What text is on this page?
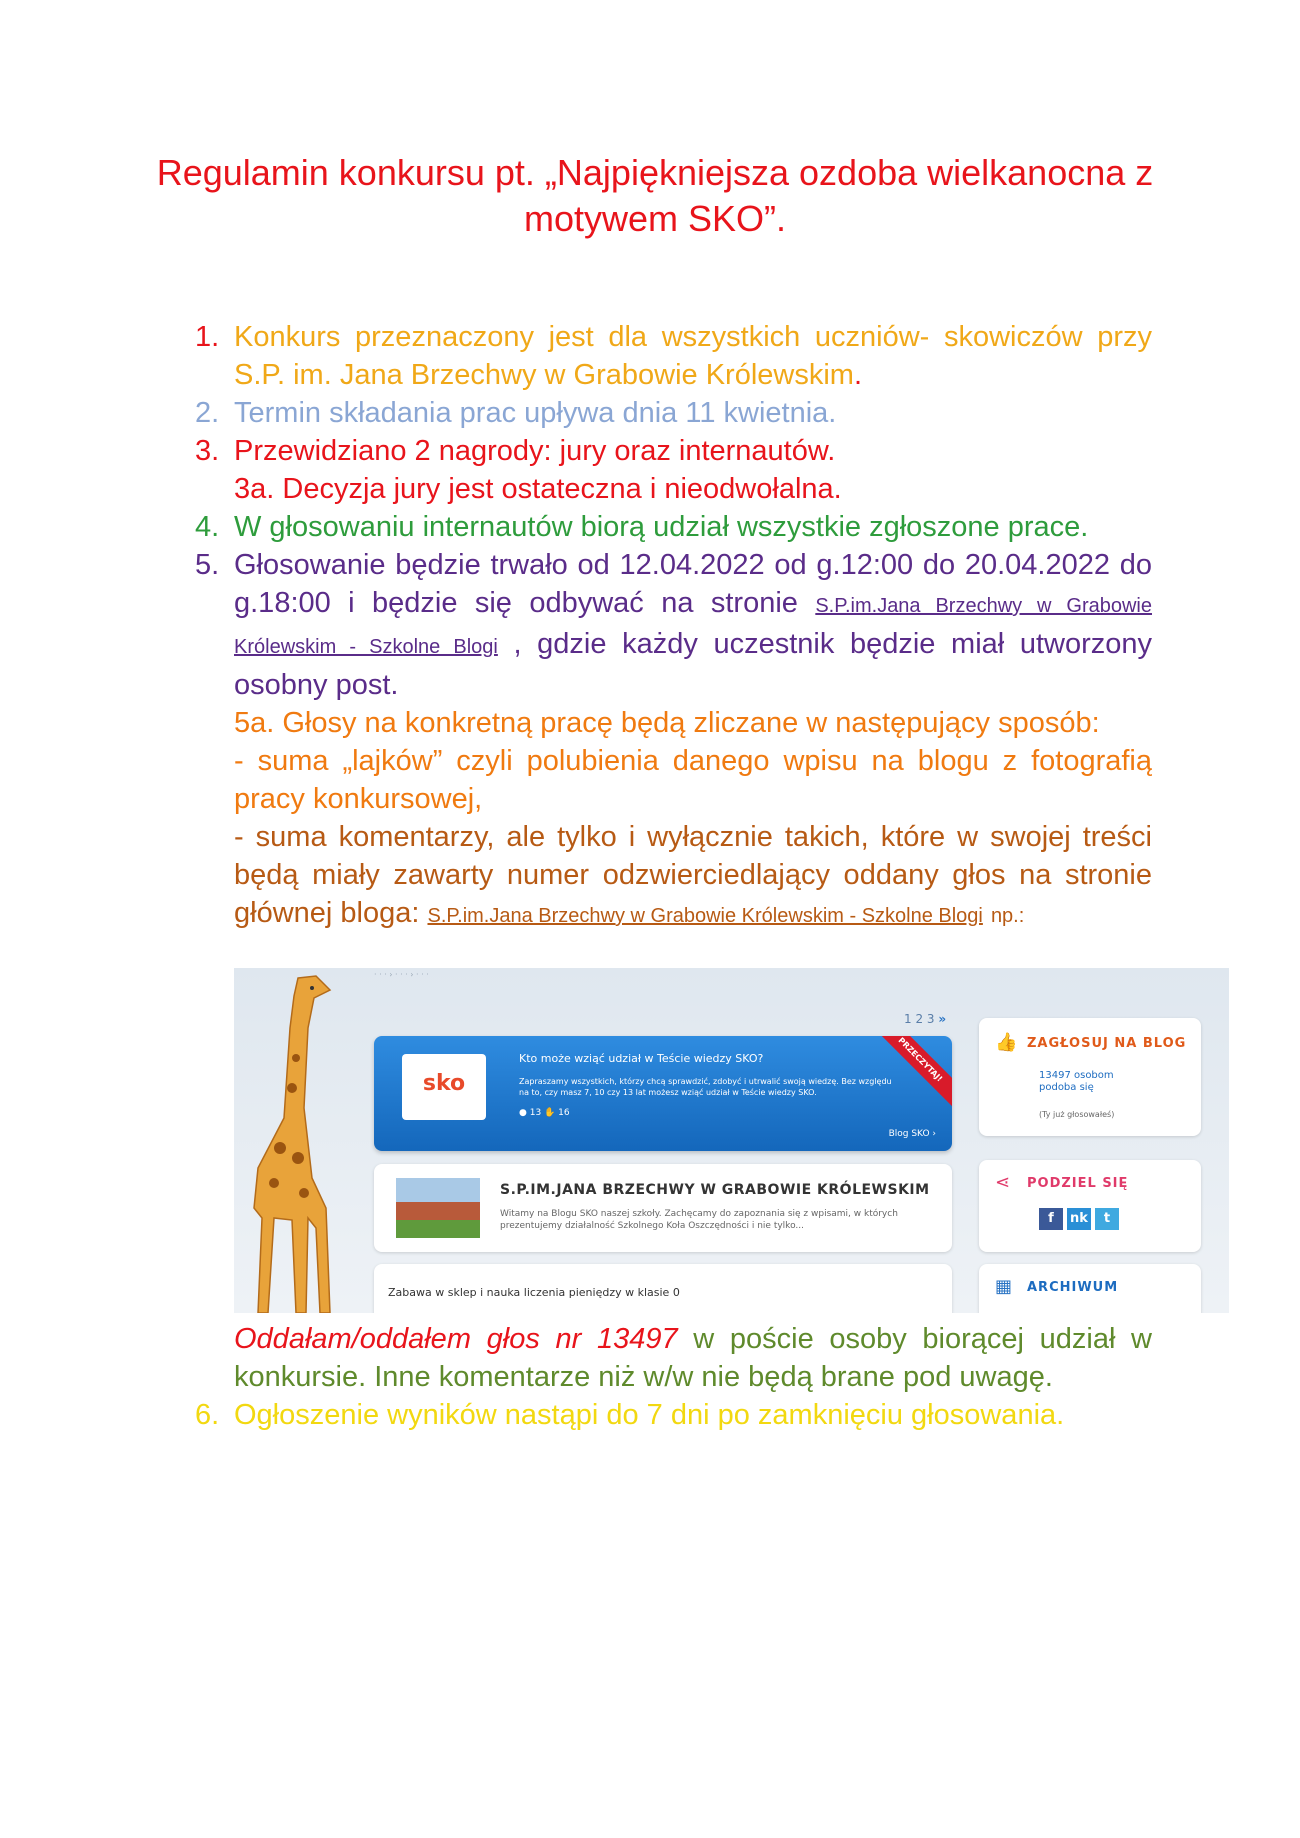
Regulamin konkursu pt. „Najpiękniejsza ozdoba wielkanocna z motywem SKO”.
1. Konkurs przeznaczony jest dla wszystkich uczniów- skowiczów przy S.P. im. Jana Brzechwy w Grabowie Królewskim.
2. Termin składania prac upływa dnia 11 kwietnia.
3. Przewidziano 2 nagrody: jury oraz internautów.
3a. Decyzja jury jest ostateczna i nieodwołalna.
4. W głosowaniu internautów biorą udział wszystkie zgłoszone prace.
5. Głosowanie będzie trwało od 12.04.2022 od g.12:00 do 20.04.2022 do g.18:00 i będzie się odbywać na stronie S.P.im.Jana Brzechwy w Grabowie Królewskim - Szkolne Blogi , gdzie każdy uczestnik będzie miał utworzony osobny post.
5a. Głosy na konkretną pracę będą zliczane w następujący sposób:
- suma „lajków” czyli polubienia danego wpisu na blogu z fotografią pracy konkursowej,
- suma komentarzy, ale tylko i wyłącznie takich, które w swojej treści będą miały zawarty numer odzwierciedlający oddany głos na stronie głównej bloga: S.P.im.Jana Brzechwy w Grabowie Królewskim - Szkolne Blogi np.:
· · · › · · · › · · ·
1 2 3 »
sko
Kto może wziąć udział w Teście wiedzy SKO?
Zapraszamy wszystkich, którzy chcą sprawdzić, zdobyć i utrwalić swoją wiedzę. Bez względu na to, czy masz 7, 10 czy 13 lat możesz wziąć udział w Teście wiedzy SKO.
● 13 ✋ 16
Blog SKO ›
PRZECZYTAJ!
S.P.IM.JANA BRZECHWY W GRABOWIE KRÓLEWSKIM
Witamy na Blogu SKO naszej szkoły. Zachęcamy do zapoznania się z wpisami, w których prezentujemy działalność Szkolnego Koła Oszczędności i nie tylko...
Zabawa w sklep i nauka liczenia pieniędzy w klasie 0
👍 ZAGŁOSUJ NA BLOG
13497 osobom
podoba się
(Ty już głosowałeś)
⋖	PODZIEL SIĘ
f	nk	t
▦	ARCHIWUM
Oddałam/oddałem głos nr 13497 w poście osoby biorącej udział w konkursie. Inne komentarze niż w/w nie będą brane pod uwagę.
6. Ogłoszenie wyników nastąpi do 7 dni po zamknięciu głosowania.
